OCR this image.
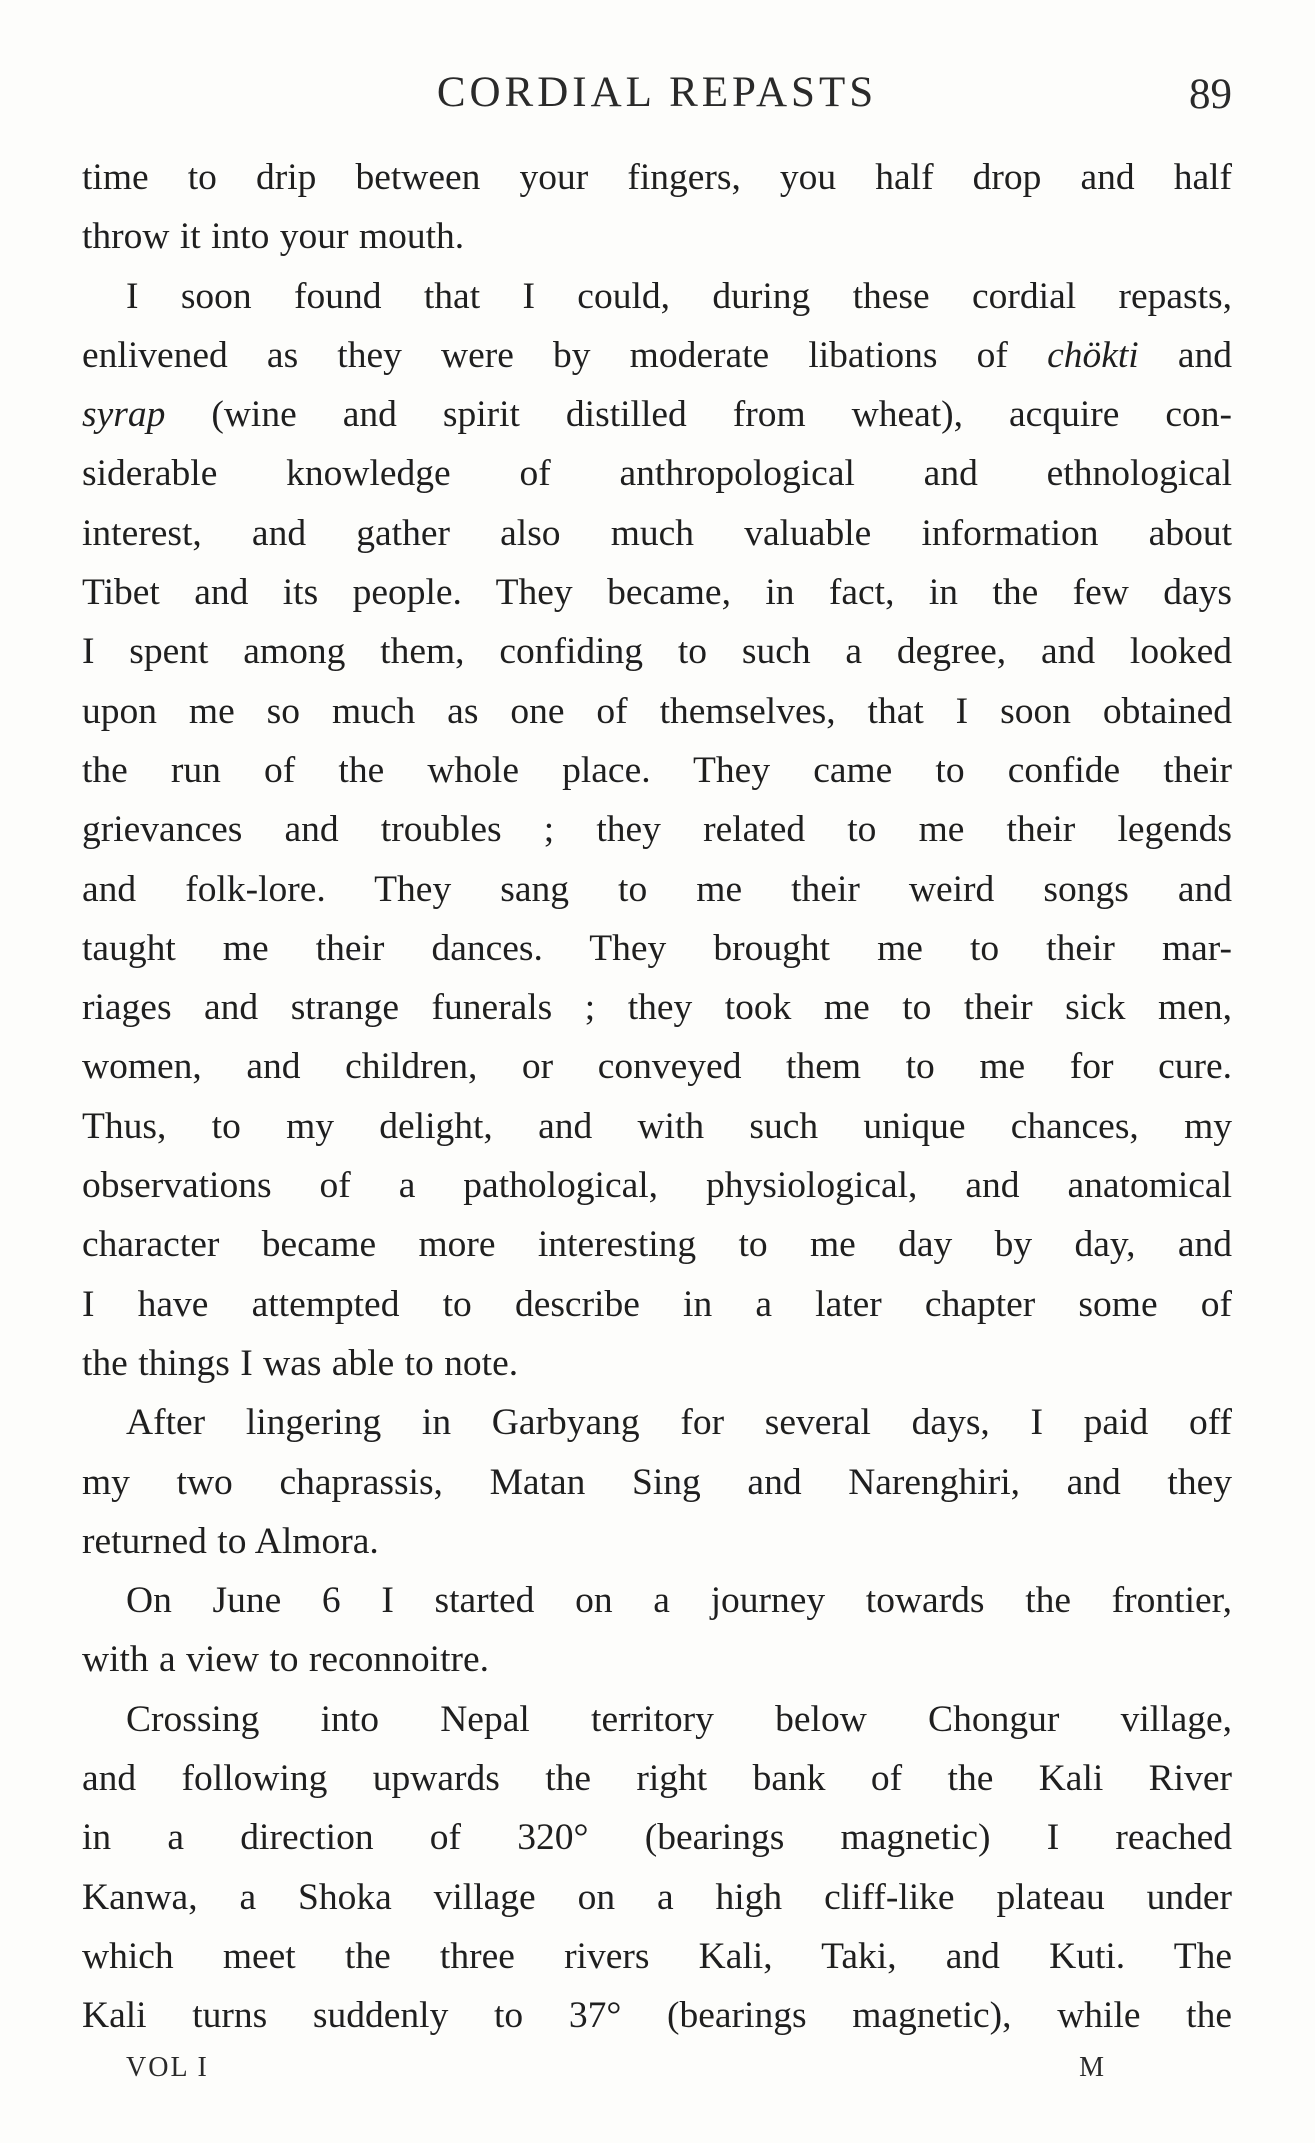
CORDIAL REPASTS	89
time to drip between your fingers, you half drop and half
throw it into your mouth.
I soon found that I could, during these cordial repasts,
enlivened as they were by moderate libations of chökti and
syrap (wine and spirit distilled from wheat), acquire con-
siderable knowledge of anthropological and ethnological
interest, and gather also much valuable information about
Tibet and its people. They became, in fact, in the few days
I spent among them, confiding to such a degree, and looked
upon me so much as one of themselves, that I soon obtained
the run of the whole place. They came to confide their
grievances and troubles ; they related to me their legends
and folk-lore. They sang to me their weird songs and
taught me their dances. They brought me to their mar-
riages and strange funerals ; they took me to their sick men,
women, and children, or conveyed them to me for cure.
Thus, to my delight, and with such unique chances, my
observations of a pathological, physiological, and anatomical
character became more interesting to me day by day, and
I have attempted to describe in a later chapter some of
the things I was able to note.
After lingering in Garbyang for several days, I paid off
my two chaprassis, Matan Sing and Narenghiri, and they
returned to Almora.
On June 6 I started on a journey towards the frontier,
with a view to reconnoitre.
Crossing into Nepal territory below Chongur village,
and following upwards the right bank of the Kali River
in a direction of 320° (bearings magnetic) I reached
Kanwa, a Shoka village on a high cliff-like plateau under
which meet the three rivers Kali, Taki, and Kuti. The
Kali turns suddenly to 37° (bearings magnetic), while the
VOL I	M
